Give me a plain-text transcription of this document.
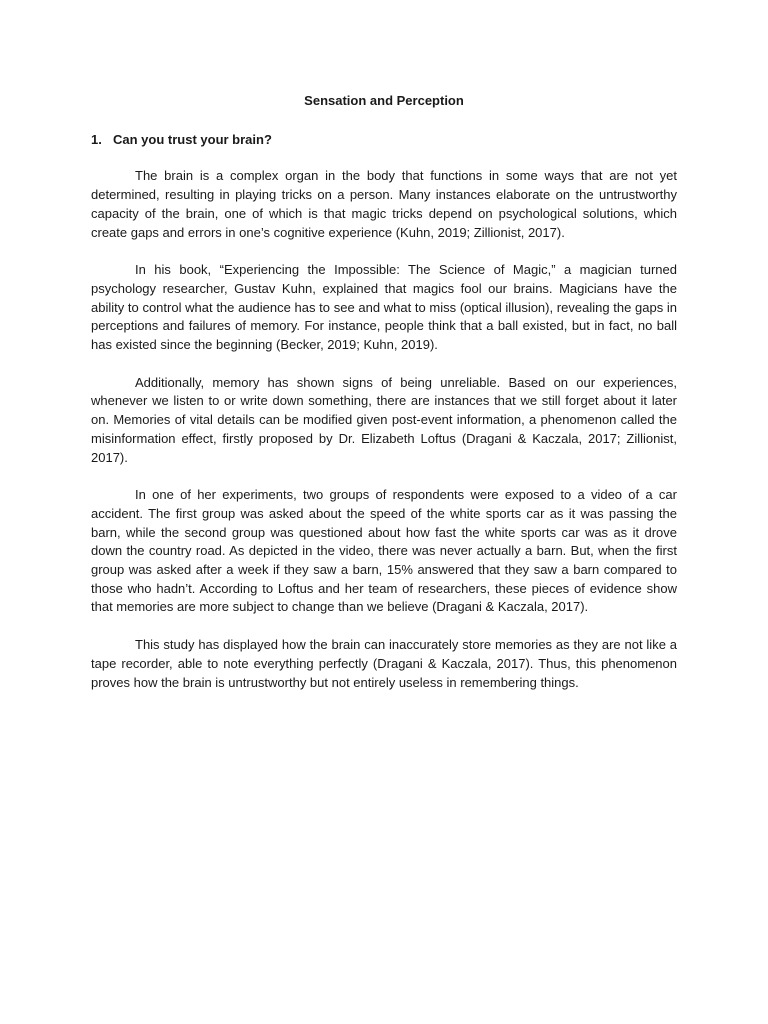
Sensation and Perception
1. Can you trust your brain?

The brain is a complex organ in the body that functions in some ways that are not yet determined, resulting in playing tricks on a person. Many instances elaborate on the untrustworthy capacity of the brain, one of which is that magic tricks depend on psychological solutions, which create gaps and errors in one’s cognitive experience (Kuhn, 2019; Zillionist, 2017).

In his book, “Experiencing the Impossible: The Science of Magic,” a magician turned psychology researcher, Gustav Kuhn, explained that magics fool our brains. Magicians have the ability to control what the audience has to see and what to miss (optical illusion), revealing the gaps in perceptions and failures of memory. For instance, people think that a ball existed, but in fact, no ball has existed since the beginning (Becker, 2019; Kuhn, 2019).

Additionally, memory has shown signs of being unreliable. Based on our experiences, whenever we listen to or write down something, there are instances that we still forget about it later on. Memories of vital details can be modified given post-event information, a phenomenon called the misinformation effect, firstly proposed by Dr. Elizabeth Loftus (Dragani & Kaczala, 2017; Zillionist, 2017).

In one of her experiments, two groups of respondents were exposed to a video of a car accident. The first group was asked about the speed of the white sports car as it was passing the barn, while the second group was questioned about how fast the white sports car was as it drove down the country road. As depicted in the video, there was never actually a barn. But, when the first group was asked after a week if they saw a barn, 15% answered that they saw a barn compared to those who hadn’t. According to Loftus and her team of researchers, these pieces of evidence show that memories are more subject to change than we believe (Dragani & Kaczala, 2017).

This study has displayed how the brain can inaccurately store memories as they are not like a tape recorder, able to note everything perfectly (Dragani & Kaczala, 2017). Thus, this phenomenon proves how the brain is untrustworthy but not entirely useless in remembering things.
